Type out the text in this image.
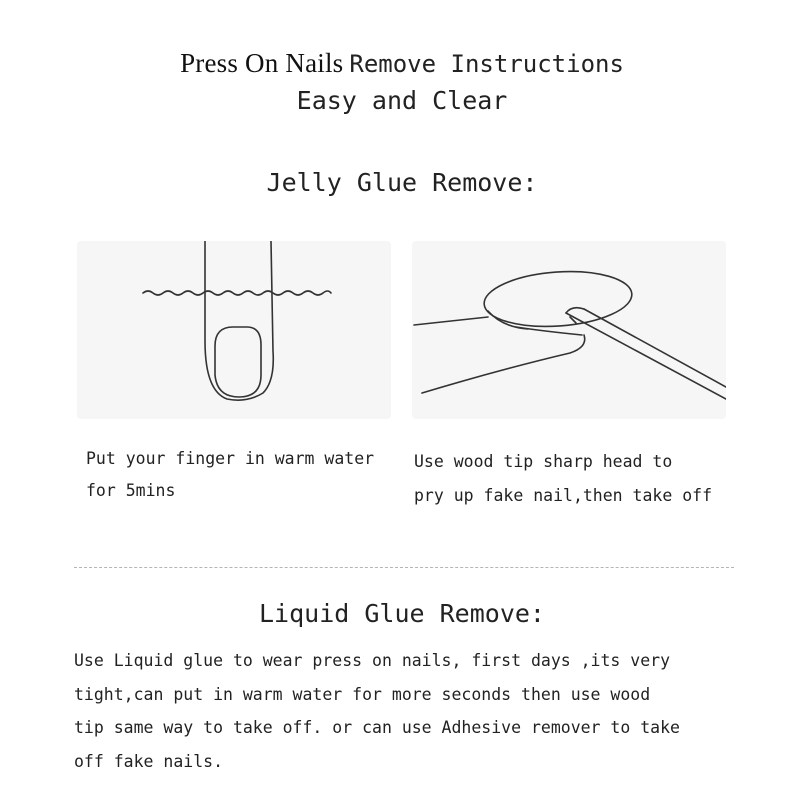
Press On Nails Remove Instructions
Easy and Clear
Jelly Glue Remove:
Put your finger in warm water
for 5mins
Use wood tip sharp head to
pry up fake nail,then take off
Liquid Glue Remove:
Use Liquid glue to wear press on nails, first days ,its very
tight,can put in warm water for more seconds then use wood
tip same way to take off. or can use Adhesive remover to take
off fake nails.
